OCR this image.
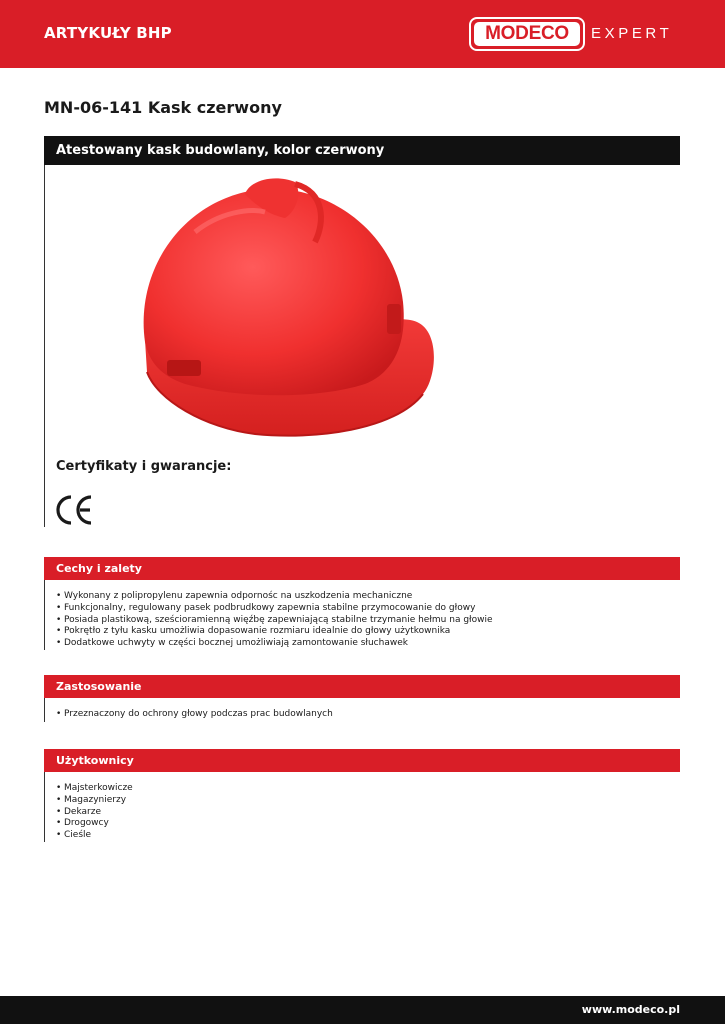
ARTYKUŁY BHP	MODECO	EXPERT
MN-06-141 Kask czerwony
Atestowany kask budowlany, kolor czerwony
Certyfikaty i gwarancje:
Cechy i zalety
• Wykonany z polipropylenu zapewnia odpornośc na uszkodzenia mechaniczne
• Funkcjonalny, regulowany pasek podbrudkowy zapewnia stabilne przymocowanie do głowy
• Posiada plastikową, sześcioramienną więźbę zapewniającą stabilne trzymanie hełmu na głowie
• Pokrętło z tyłu kasku umożliwia dopasowanie rozmiaru idealnie do głowy użytkownika
• Dodatkowe uchwyty w części bocznej umożliwiają zamontowanie słuchawek
Zastosowanie
• Przeznaczony do ochrony głowy podczas prac budowlanych
Użytkownicy
• Majsterkowicze
• Magazynierzy
• Dekarze
• Drogowcy
• Cieśle
www.modeco.pl
